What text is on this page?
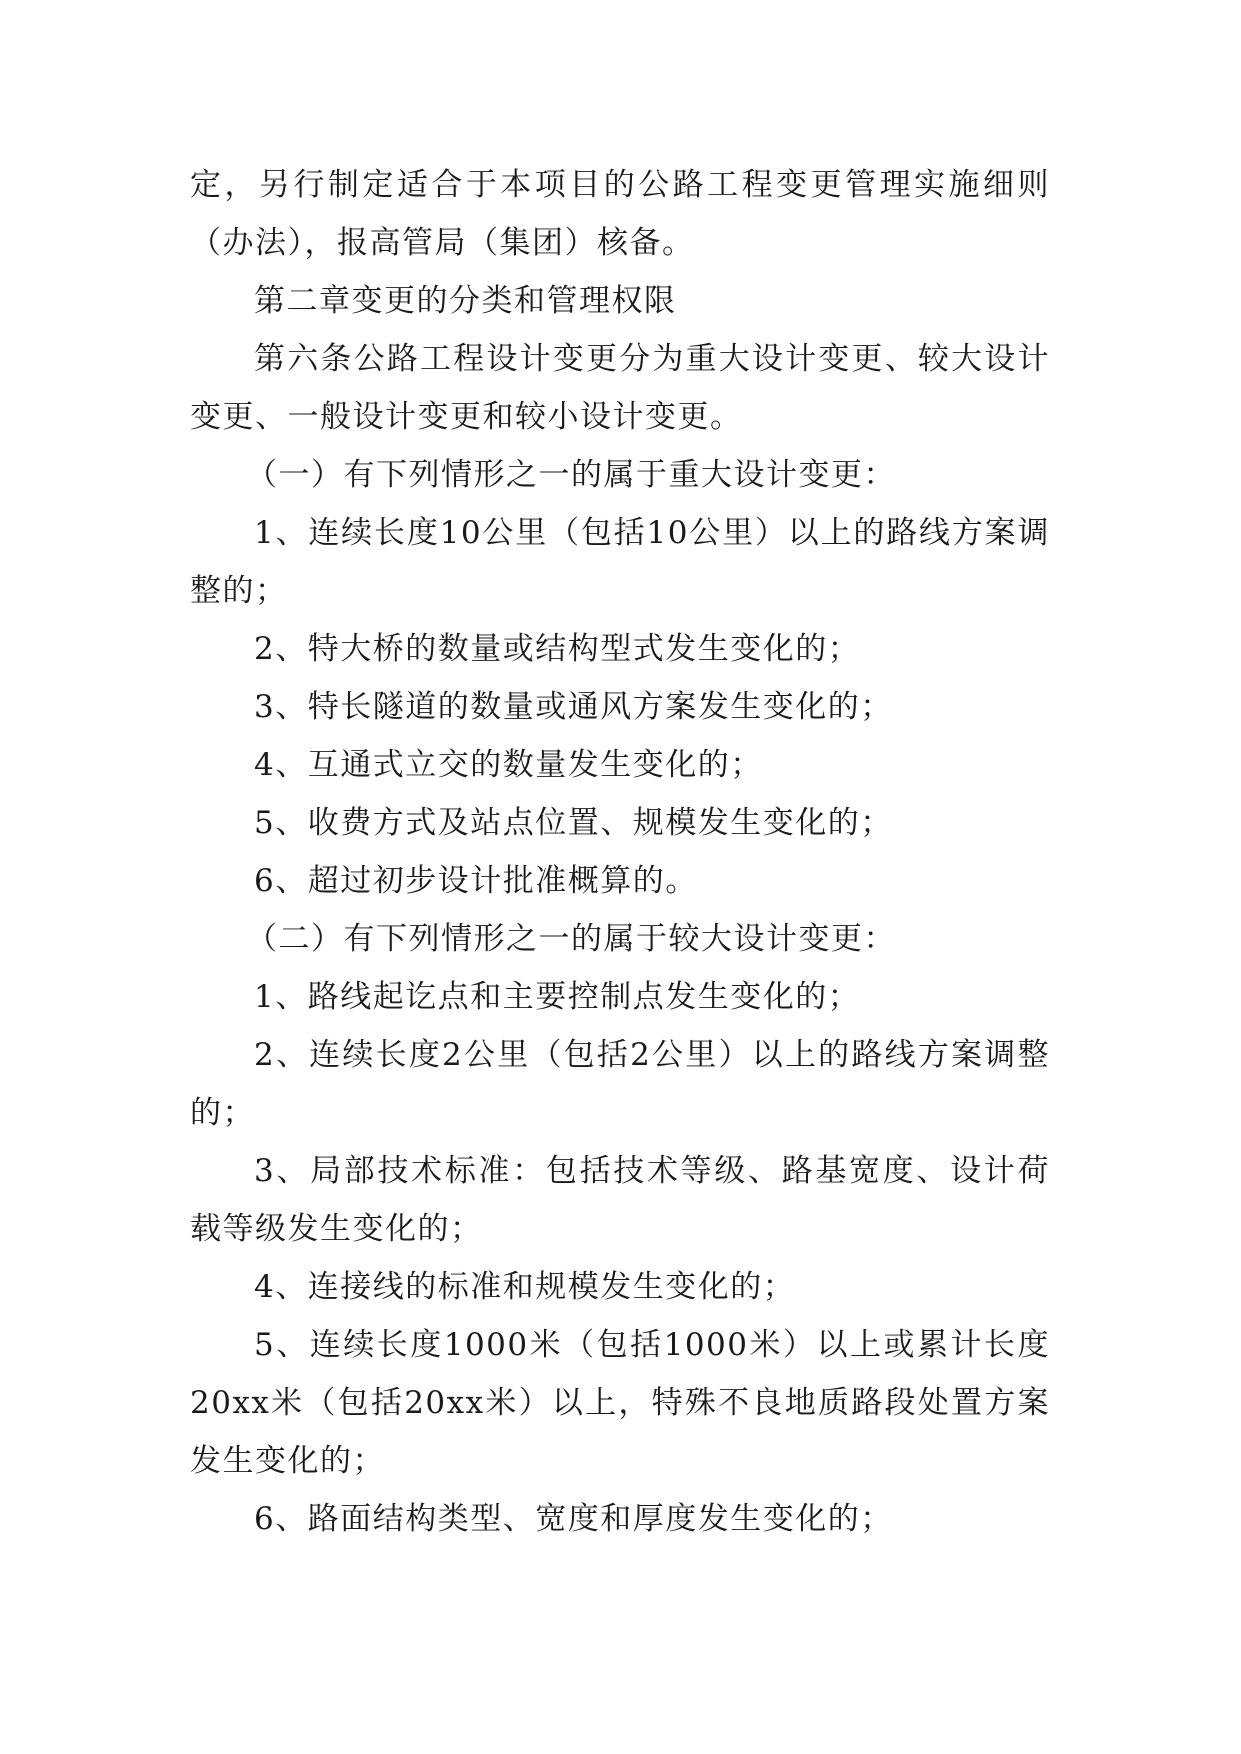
定，另行制定适合于本项目的公路工程变更管理实施细则（办法），报高管局（集团）核备。

第二章变更的分类和管理权限

第六条公路工程设计变更分为重大设计变更、较大设计变更、一般设计变更和较小设计变更。

（一）有下列情形之一的属于重大设计变更：

1、连续长度10公里（包括10公里）以上的路线方案调整的；

2、特大桥的数量或结构型式发生变化的；

3、特长隧道的数量或通风方案发生变化的；

4、互通式立交的数量发生变化的；

5、收费方式及站点位置、规模发生变化的；

6、超过初步设计批准概算的。

（二）有下列情形之一的属于较大设计变更：

1、路线起讫点和主要控制点发生变化的；

2、连续长度2公里（包括2公里）以上的路线方案调整的；

3、局部技术标准：包括技术等级、路基宽度、设计荷载等级发生变化的；

4、连接线的标准和规模发生变化的；

5、连续长度1000米（包括1000米）以上或累计长度20xx米（包括20xx米）以上，特殊不良地质路段处置方案发生变化的；

6、路面结构类型、宽度和厚度发生变化的；
